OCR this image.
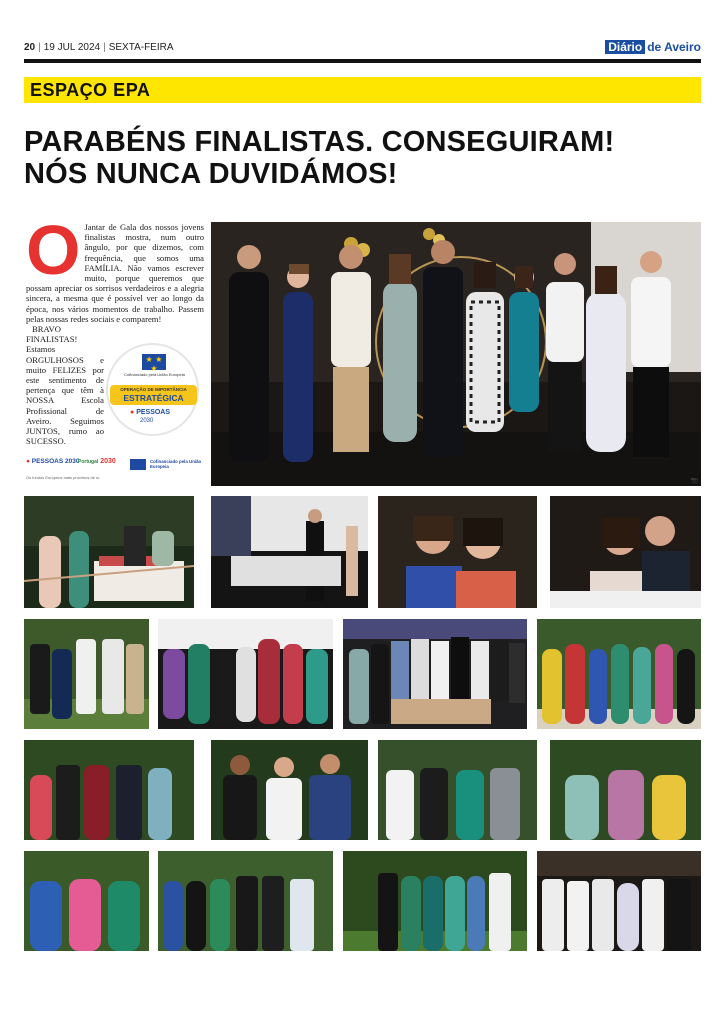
20 | 19 JUL 2024 | SEXTA-FEIRA	Diário de Aveiro
ESPAÇO EPA
PARABÉNS FINALISTAS. CONSEGUIRAM!
NÓS NUNCA DUVIDÁMOS!
O Jantar de Gala dos nossos jovens finalistas mostra, num outro ângulo, por que dizemos, com frequência, que somos uma FAMÍLIA. Não vamos escrever muito, porque queremos que possam apreciar os sorrisos verdadeiros e a alegria sincera, a mesma que é possível ver ao longo da época, nos vários momentos de trabalho. Passem pelas nossas redes sociais e comparem!

BRAVO FINALISTAS! Estamos ORGULHOSOS e muito FELIZES por este sentimento de pertença que têm à NOSSA Escola Profissional de Aveiro. Seguimos JUNTOS, rumo ao SUCESSO.

★ ★ ★
Cofinanciado pela União Europeia
OPERAÇÃO DE IMPORTÂNCIA
ESTRATÉGICA
● PESSOAS
2030
● PESSOAS 2030
Portugal 2030	Cofinanciado pela União Europeia
Os fundos Europeus mais próximos de si.	📷
